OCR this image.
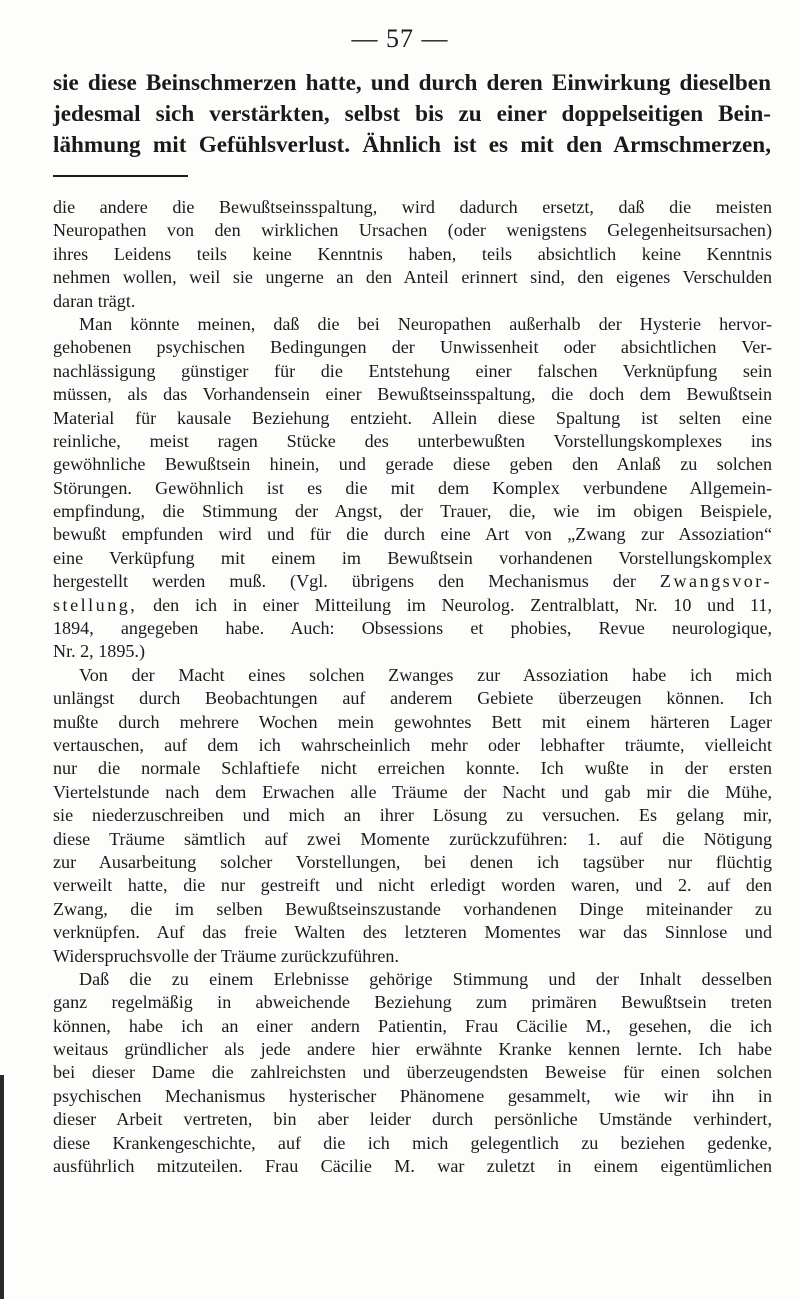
— 57 —
sie diese Beinschmerzen hatte, und durch deren Einwirkung dieselben
jedesmal sich verstärkten, selbst bis zu einer doppelseitigen Bein-
lähmung mit Gefühlsverlust. Ähnlich ist es mit den Armschmerzen,

die andere die Bewußtseinsspaltung, wird dadurch ersetzt, daß die meisten
Neuropathen von den wirklichen Ursachen (oder wenigstens Gelegenheitsursachen)
ihres Leidens teils keine Kenntnis haben, teils absichtlich keine Kenntnis
nehmen wollen, weil sie ungerne an den Anteil erinnert sind, den eigenes Verschulden
daran trägt.

Man könnte meinen, daß die bei Neuropathen außerhalb der Hysterie hervor-
gehobenen psychischen Bedingungen der Unwissenheit oder absichtlichen Ver-
nachlässigung günstiger für die Entstehung einer falschen Verknüpfung sein
müssen, als das Vorhandensein einer Bewußtseinsspaltung, die doch dem Bewußtsein
Material für kausale Beziehung entzieht. Allein diese Spaltung ist selten eine
reinliche, meist ragen Stücke des unterbewußten Vorstellungskomplexes ins
gewöhnliche Bewußtsein hinein, und gerade diese geben den Anlaß zu solchen
Störungen. Gewöhnlich ist es die mit dem Komplex verbundene Allgemein-
empfindung, die Stimmung der Angst, der Trauer, die, wie im obigen Beispiele,
bewußt empfunden wird und für die durch eine Art von „Zwang zur Assoziation“
eine Verküpfung mit einem im Bewußtsein vorhandenen Vorstellungskomplex
hergestellt werden muß. (Vgl. übrigens den Mechanismus der Zwangsvor-
stellung, den ich in einer Mitteilung im Neurolog. Zentralblatt, Nr. 10 und 11,
1894, angegeben habe. Auch: Obsessions et phobies, Revue neurologique,
Nr. 2, 1895.)

Von der Macht eines solchen Zwanges zur Assoziation habe ich mich
unlängst durch Beobachtungen auf anderem Gebiete überzeugen können. Ich
mußte durch mehrere Wochen mein gewohntes Bett mit einem härteren Lager
vertauschen, auf dem ich wahrscheinlich mehr oder lebhafter träumte, vielleicht
nur die normale Schlaftiefe nicht erreichen konnte. Ich wußte in der ersten
Viertelstunde nach dem Erwachen alle Träume der Nacht und gab mir die Mühe,
sie niederzuschreiben und mich an ihrer Lösung zu versuchen. Es gelang mir,
diese Träume sämtlich auf zwei Momente zurückzuführen: 1. auf die Nötigung
zur Ausarbeitung solcher Vorstellungen, bei denen ich tagsüber nur flüchtig
verweilt hatte, die nur gestreift und nicht erledigt worden waren, und 2. auf den
Zwang, die im selben Bewußtseinszustande vorhandenen Dinge miteinander zu
verknüpfen. Auf das freie Walten des letzteren Momentes war das Sinnlose und
Widerspruchsvolle der Träume zurückzuführen.

Daß die zu einem Erlebnisse gehörige Stimmung und der Inhalt desselben
ganz regelmäßig in abweichende Beziehung zum primären Bewußtsein treten
können, habe ich an einer andern Patientin, Frau Cäcilie M., gesehen, die ich
weitaus gründlicher als jede andere hier erwähnte Kranke kennen lernte. Ich habe
bei dieser Dame die zahlreichsten und überzeugendsten Beweise für einen solchen
psychischen Mechanismus hysterischer Phänomene gesammelt, wie wir ihn in
dieser Arbeit vertreten, bin aber leider durch persönliche Umstände verhindert,
diese Krankengeschichte, auf die ich mich gelegentlich zu beziehen gedenke,
ausführlich mitzuteilen. Frau Cäcilie M. war zuletzt in einem eigentümlichen
